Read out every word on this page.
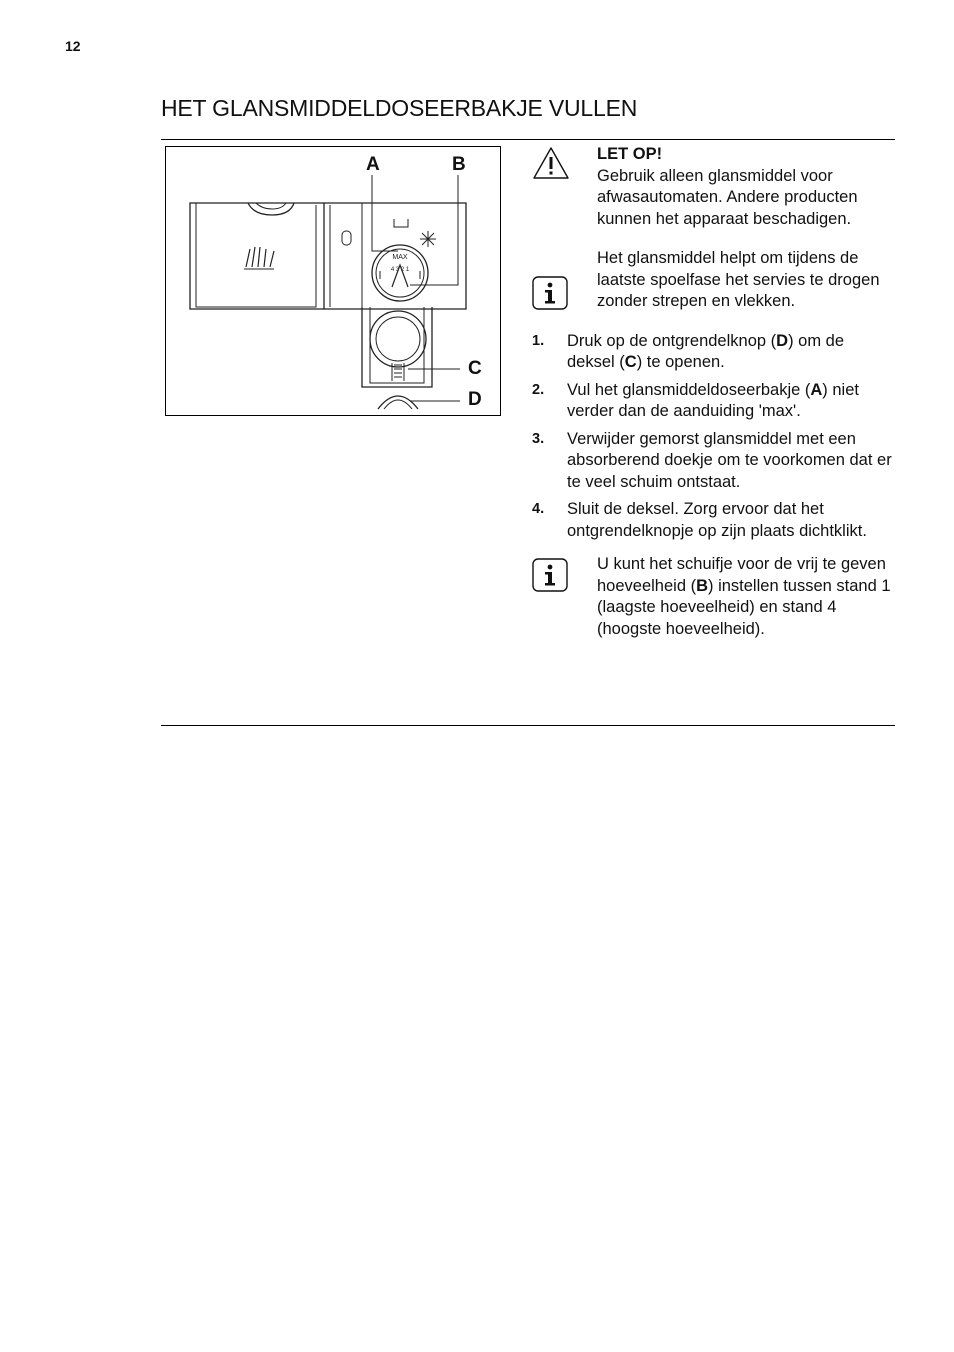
12
HET GLANSMIDDELDOSEERBAKJE VULLEN
MAX
4 3 2 1
A	B
C
D
LET OP!
Gebruik alleen glansmiddel voor afwasautomaten. Andere producten kunnen het apparaat beschadigen.
Het glansmiddel helpt om tijdens de laatste spoelfase het servies te drogen zonder strepen en vlekken.
1. Druk op de ontgrendelknop (D) om de deksel (C) te openen.
2. Vul het glansmiddeldoseerbakje (A) niet verder dan de aanduiding 'max'.
3. Verwijder gemorst glansmiddel met een absorberend doekje om te voorkomen dat er te veel schuim ontstaat.
4. Sluit de deksel. Zorg ervoor dat het ontgrendelknopje op zijn plaats dichtklikt.
U kunt het schuifje voor de vrij te geven hoeveelheid (B) instellen tussen stand 1 (laagste hoeveelheid) en stand 4 (hoogste hoeveelheid).
